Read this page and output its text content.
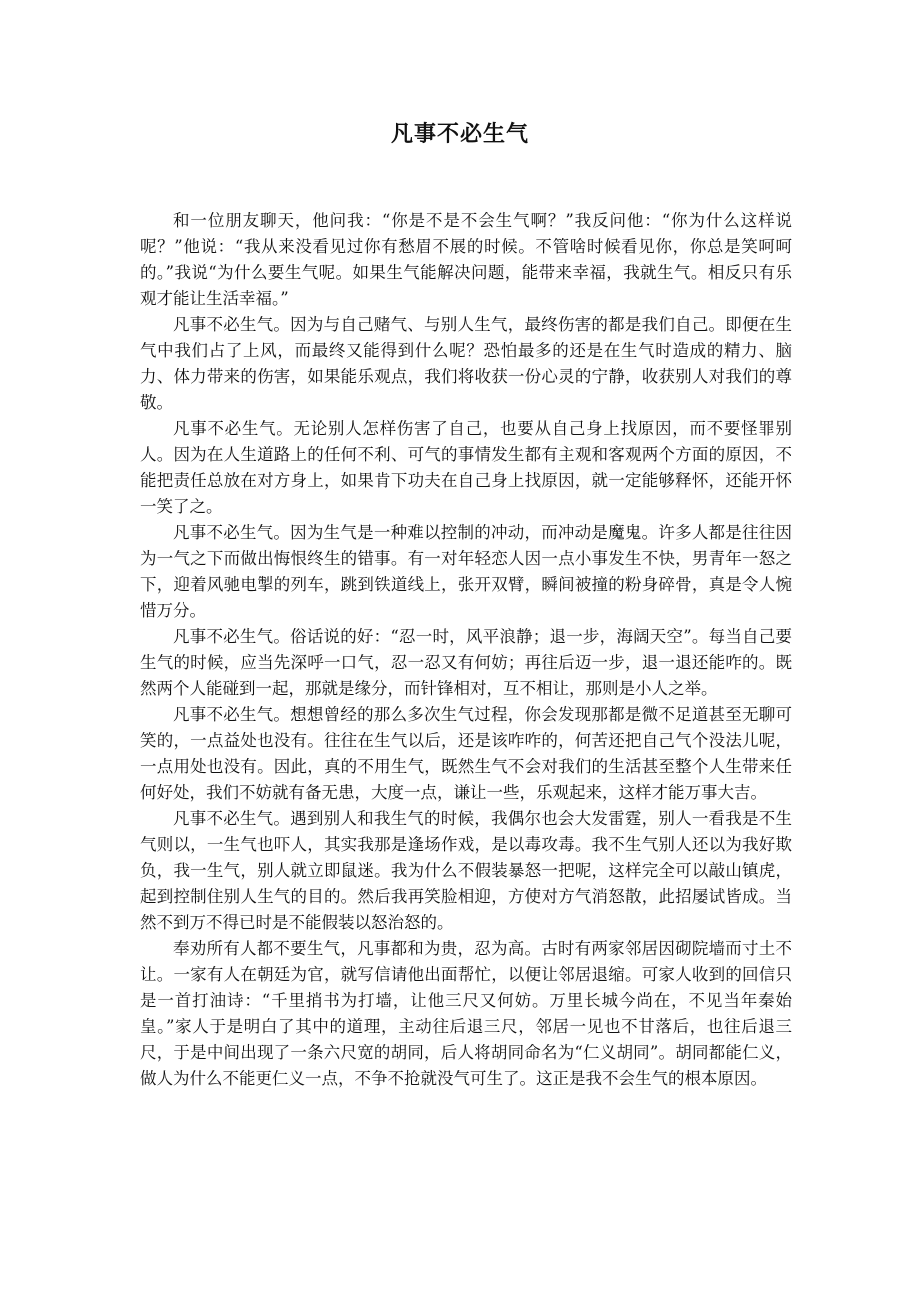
凡事不必生气

和一位朋友聊天，他问我：“你是不是不会生气啊？”我反问他：“你为什么这样说呢？”他说：“我从来没看见过你有愁眉不展的时候。不管啥时候看见你，你总是笑呵呵的。”我说“为什么要生气呢。如果生气能解决问题，能带来幸福，我就生气。相反只有乐观才能让生活幸福。”

凡事不必生气。因为与自己赌气、与别人生气，最终伤害的都是我们自己。即便在生气中我们占了上风，而最终又能得到什么呢？恐怕最多的还是在生气时造成的精力、脑力、体力带来的伤害，如果能乐观点，我们将收获一份心灵的宁静，收获别人对我们的尊敬。

凡事不必生气。无论别人怎样伤害了自己，也要从自己身上找原因，而不要怪罪别人。因为在人生道路上的任何不利、可气的事情发生都有主观和客观两个方面的原因，不能把责任总放在对方身上，如果肯下功夫在自己身上找原因，就一定能够释怀，还能开怀一笑了之。

凡事不必生气。因为生气是一种难以控制的冲动，而冲动是魔鬼。许多人都是往往因为一气之下而做出悔恨终生的错事。有一对年轻恋人因一点小事发生不快，男青年一怒之下，迎着风驰电掣的列车，跳到铁道线上，张开双臂，瞬间被撞的粉身碎骨，真是令人惋惜万分。

凡事不必生气。俗话说的好：“忍一时，风平浪静；退一步，海阔天空”。每当自己要生气的时候，应当先深呼一口气，忍一忍又有何妨；再往后迈一步，退一退还能咋的。既然两个人能碰到一起，那就是缘分，而针锋相对，互不相让，那则是小人之举。

凡事不必生气。想想曾经的那么多次生气过程，你会发现那都是微不足道甚至无聊可笑的，一点益处也没有。往往在生气以后，还是该咋咋的，何苦还把自己气个没法儿呢，一点用处也没有。因此，真的不用生气，既然生气不会对我们的生活甚至整个人生带来任何好处，我们不妨就有备无患，大度一点，谦让一些，乐观起来，这样才能万事大吉。

凡事不必生气。遇到别人和我生气的时候，我偶尔也会大发雷霆，别人一看我是不生气则以，一生气也吓人，其实我那是逢场作戏，是以毒攻毒。我不生气别人还以为我好欺负，我一生气，别人就立即鼠迷。我为什么不假装暴怒一把呢，这样完全可以敲山镇虎，起到控制住别人生气的目的。然后我再笑脸相迎，方使对方气消怒散，此招屡试皆成。当然不到万不得已时是不能假装以怒治怒的。

奉劝所有人都不要生气，凡事都和为贵，忍为高。古时有两家邻居因砌院墙而寸土不让。一家有人在朝廷为官，就写信请他出面帮忙，以便让邻居退缩。可家人收到的回信只是一首打油诗：“千里捎书为打墙，让他三尺又何妨。万里长城今尚在，不见当年秦始皇。”家人于是明白了其中的道理，主动往后退三尺，邻居一见也不甘落后，也往后退三尺，于是中间出现了一条六尺宽的胡同，后人将胡同命名为“仁义胡同”。胡同都能仁义，做人为什么不能更仁义一点，不争不抢就没气可生了。这正是我不会生气的根本原因。
